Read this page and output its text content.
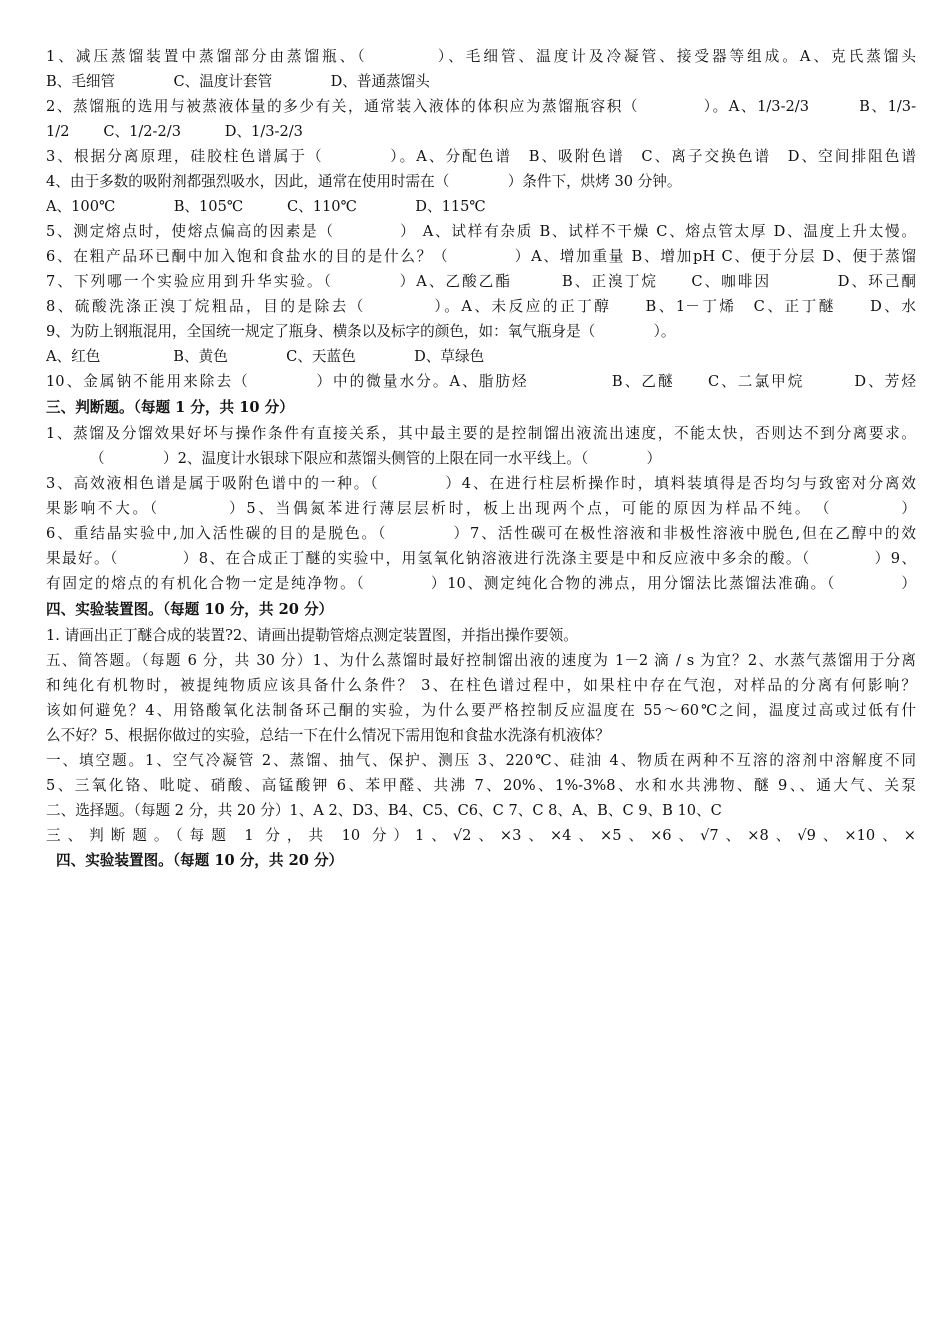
1、减压蒸馏装置中蒸馏部分由蒸馏瓶、（　　　　）、毛细管、温度计及冷凝管、接受器等组成。A、克氏蒸馏头
B、毛细管　　　　C、温度计套管　　　　D、普通蒸馏头
2、蒸馏瓶的选用与被蒸液体量的多少有关，通常装入液体的体积应为蒸馏瓶容积（　　　　）。A、1/3-2/3　　　B、1/3-
1/2　　 C、1/2-2/3　　　D、1/3-2/3
3、根据分离原理，硅胶柱色谱属于（　　　　）。A、分配色谱　B、吸附色谱　C、离子交换色谱　D、空间排阻色谱
4、由于多数的吸附剂都强烈吸水，因此，通常在使用时需在（　　　　）条件下，烘烤 30 分钟。
A、100℃　　　　B、105℃　　　C、110℃　　　　D、115℃
5、测定熔点时，使熔点偏高的因素是（　　　　） A、试样有杂质 B、试样不干燥 C、熔点管太厚 D、温度上升太慢。
6、在粗产品环已酮中加入饱和食盐水的目的是什么？（　　　　）A、增加重量 B、增加pH C、便于分层 D、便于蒸馏
7、下列哪一个实验应用到升华实验。（　　　　）A、乙酸乙酯　　　B、正溴丁烷　　C、咖啡因　　　　D、环己酮
8、硫酸洗涤正溴丁烷粗品，目的是除去（　　　　）。A、未反应的正丁醇　　B、1－丁烯　C、正丁醚　　D、水
9、为防上钢瓶混用，全国统一规定了瓶身、横条以及标字的颜色，如：氧气瓶身是（　　　　）。
A、红色　　　　　B、黄色　　　　C、天蓝色　　　　D、草绿色
10、金属钠不能用来除去（　　　　）中的微量水分。A、脂肪烃　　　　　B、乙醚　　C、二氯甲烷　　　D、芳烃
三、判断题。（每题 1 分，共 10 分）
1、蒸馏及分馏效果好坏与操作条件有直接关系，其中最主要的是控制馏出液流出速度，不能太快，否则达不到分离要求。
（　　　　）2、温度计水银球下限应和蒸馏头侧管的上限在同一水平线上。（　　　　）
3、高效液相色谱是属于吸附色谱中的一种。（　　　　）4、在进行柱层析操作时，填料装填得是否均匀与致密对分离效
果影响不大。（　　　　）5、当偶氮苯进行薄层层析时，板上出现两个点，可能的原因为样品不纯。　（　　　　）
6、重结晶实验中,加入活性碳的目的是脱色。（　　　　）7、活性碳可在极性溶液和非极性溶液中脱色,但在乙醇中的效
果最好。（　　　　）8、在合成正丁醚的实验中，用氢氧化钠溶液进行洗涤主要是中和反应液中多余的酸。（　　　　）9、
有固定的熔点的有机化合物一定是纯净物。（　　　　）10、测定纯化合物的沸点，用分馏法比蒸馏法准确。（　　　　）
四、实验装置图。（每题 10 分，共 20 分）
1. 请画出正丁醚合成的装置?2、请画出提勒管熔点测定装置图，并指出操作要领。
五、简答题。（每题 6 分，共 30 分）1、为什么蒸馏时最好控制馏出液的速度为 1－2 滴 / s 为宜？2、水蒸气蒸馏用于分离
和纯化有机物时，被提纯物质应该具备什么条件？ 3、在柱色谱过程中，如果柱中存在气泡，对样品的分离有何影响？
该如何避免？4、用铬酸氧化法制备环己酮的实验，为什么要严格控制反应温度在 55～60℃之间，温度过高或过低有什
么不好？5、根据你做过的实验，总结一下在什么情况下需用饱和食盐水洗涤有机液体？
一、填空题。1、空气冷凝管 2、蒸馏、抽气、保护、测压 3、220℃、硅油 4、物质在两种不互溶的溶剂中溶解度不同
5、三氧化铬、吡啶、硝酸、高锰酸钾 6、苯甲醛、共沸 7、20%、1%-3%8、水和水共沸物、醚 9、、通大气、关泵
二、选择题。（每题 2 分，共 20 分）1、A 2、D3、B4、C5、C6、C 7、C 8、A、B、C 9、B 10、C
三、判断题。（每题 1 分，共 10 分）1、√2、×3、×4、×5、×6、√7、×8、√9、×10、×
四、实验装置图。（每题 10 分，共 20 分）
